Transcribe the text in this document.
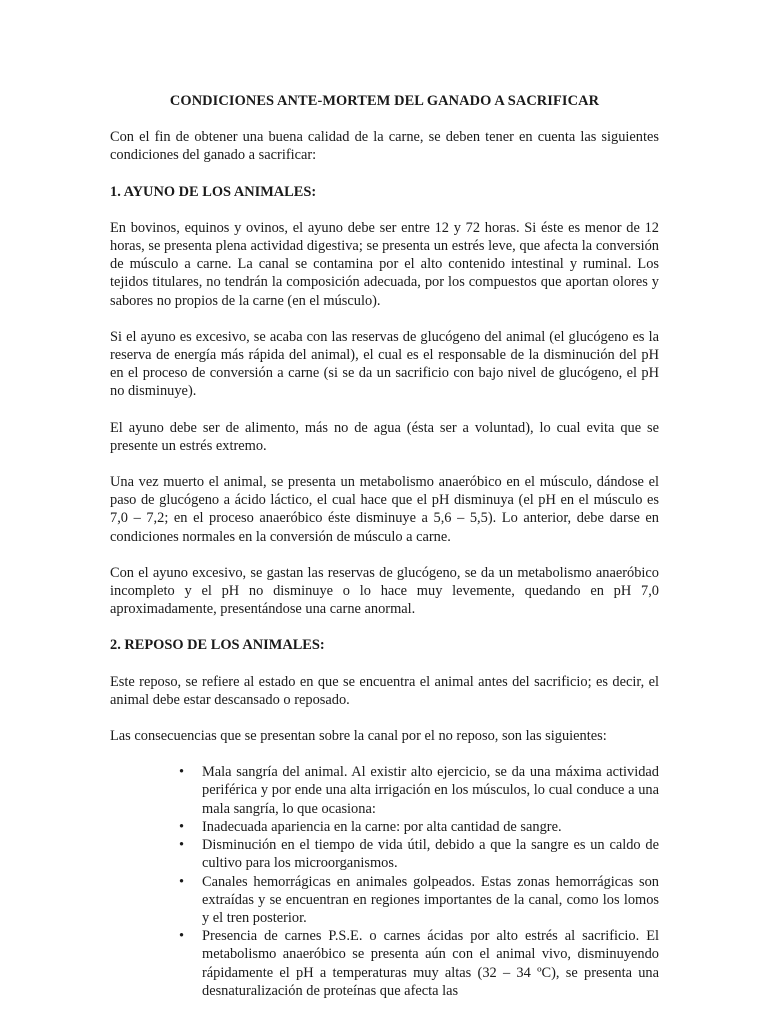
CONDICIONES ANTE-MORTEM DEL GANADO A SACRIFICAR

Con el fin de obtener una buena calidad de la carne, se deben tener en cuenta las siguientes condiciones del ganado a sacrificar:

1. AYUNO DE LOS ANIMALES:

En bovinos, equinos y ovinos, el ayuno debe ser entre 12 y 72 horas. Si éste es menor de 12 horas, se presenta plena actividad digestiva; se presenta un estrés leve, que afecta la conversión de músculo a carne. La canal se contamina por el alto contenido intestinal y ruminal. Los tejidos titulares, no tendrán la composición adecuada, por los compuestos que aportan olores y sabores no propios de la carne (en el músculo).

Si el ayuno es excesivo, se acaba con las reservas de glucógeno del animal (el glucógeno es la reserva de energía más rápida del animal), el cual es el responsable de la disminución del pH en el proceso de conversión a carne (si se da un sacrificio con bajo nivel de glucógeno, el pH no disminuye).

El ayuno debe ser de alimento, más no de agua (ésta ser a voluntad), lo cual evita que se presente un estrés extremo.

Una vez muerto el animal, se presenta un metabolismo anaeróbico en el músculo, dándose el paso de glucógeno a ácido láctico, el cual hace que el pH disminuya (el pH en el músculo es 7,0 – 7,2; en el proceso anaeróbico éste disminuye a 5,6 – 5,5). Lo anterior, debe darse en condiciones normales en la conversión de músculo a carne.

Con el ayuno excesivo, se gastan las reservas de glucógeno, se da un metabolismo anaeróbico incompleto y el pH no disminuye o lo hace muy levemente, quedando en pH 7,0 aproximadamente, presentándose una carne anormal.

2. REPOSO DE LOS ANIMALES:

Este reposo, se refiere al estado en que se encuentra el animal antes del sacrificio; es decir, el animal debe estar descansado o reposado.

Las consecuencias que se presentan sobre la canal por el no reposo, son las siguientes:

•	Mala sangría del animal. Al existir alto ejercicio, se da una máxima actividad periférica y por ende una alta irrigación en los músculos, lo cual conduce a una mala sangría, lo que ocasiona:
•	Inadecuada apariencia en la carne: por alta cantidad de sangre.
•	Disminución en el tiempo de vida útil, debido a que la sangre es un caldo de cultivo para los microorganismos.
•	Canales hemorrágicas en animales golpeados. Estas zonas hemorrágicas son extraídas y se encuentran en regiones importantes de la canal, como los lomos y el tren posterior.
•	Presencia de carnes P.S.E. o carnes ácidas por alto estrés al sacrificio. El metabolismo anaeróbico se presenta aún con el animal vivo, disminuyendo rápidamente el pH a temperaturas muy altas (32 – 34 ºC), se presenta una desnaturalización de proteínas que afecta las
